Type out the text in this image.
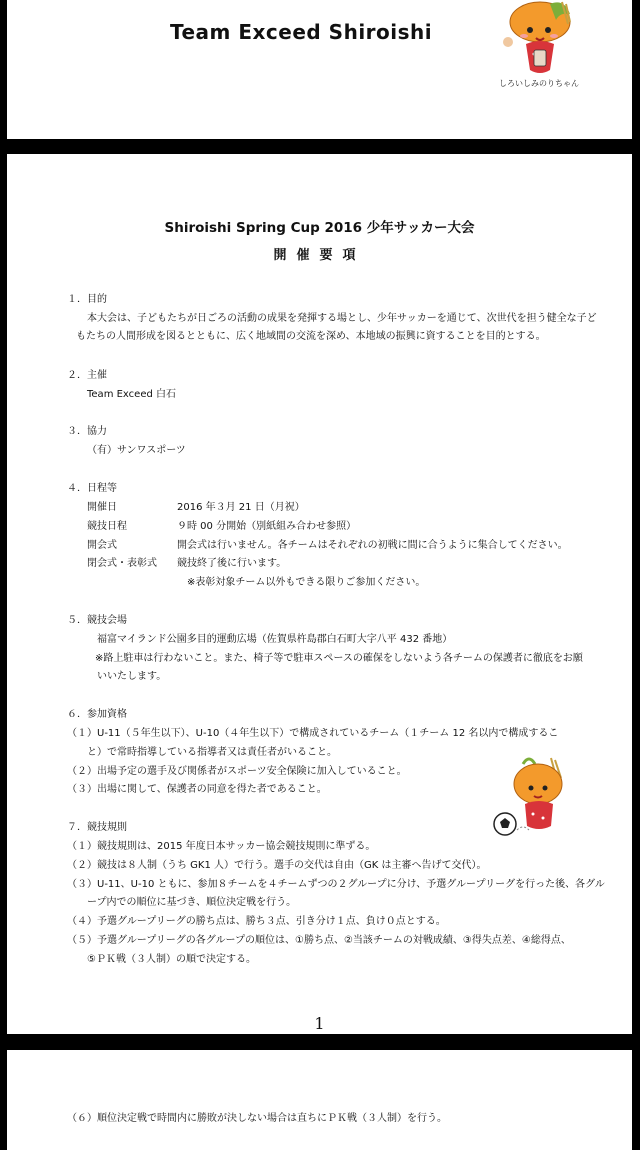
Team Exceed Shiroishi
しろいしみのりちゃん
Shiroishi Spring Cup 2016 少年サッカー大会
開催要項
１．目的
本大会は、子どもたちが日ごろの活動の成果を発揮する場とし、少年サッカーを通じて、次世代を担う健全な子ど
もたちの人間形成を図るとともに、広く地域間の交流を深め、本地域の振興に資することを目的とする。
２．主催
Team Exceed 白石
３．協力
（有）サンワスポーツ
４．日程等
開催日	2016 年３月 21 日（月祝）
競技日程	９時 00 分開始（別紙組み合わせ参照）
開会式	開会式は行いません。各チームはそれぞれの初戦に間に合うように集合してください。
閉会式・表彰式 競技終了後に行います。
※表彰対象チーム以外もできる限りご参加ください。
５．競技会場
福富マイランド公園多目的運動広場（佐賀県杵島郡白石町大字八平 432 番地）
※路上駐車は行わないこと。また、椅子等で駐車スペースの確保をしないよう各チームの保護者に徹底をお願
いいたします。
６．参加資格
（１）U-11（５年生以下）、U-10（４年生以下）で構成されているチーム（１チーム 12 名以内で構成するこ
と）で常時指導している指導者又は責任者がいること。
（２）出場予定の選手及び関係者がスポーツ安全保険に加入していること。
（３）出場に関して、保護者の同意を得た者であること。
７．競技規則
（１）競技規則は、2015 年度日本サッカー協会競技規則に準ずる。
（２）競技は８人制（うち GK1 人）で行う。選手の交代は自由（GK は主審へ告げて交代）。
（３）U-11、U-10 ともに、参加８チームを４チームずつの２グループに分け、予選グループリーグを行った後、各グル
ープ内での順位に基づき、順位決定戦を行う。
（４）予選グループリーグの勝ち点は、勝ち３点、引き分け１点、負け０点とする。
（５）予選グループリーグの各グループの順位は、①勝ち点、②当該チームの対戦成績、③得失点差、④総得点、
⑤ＰＫ戦（３人制）の順で決定する。
1
（６）順位決定戦で時間内に勝敗が決しない場合は直ちにＰＫ戦（３人制）を行う。
